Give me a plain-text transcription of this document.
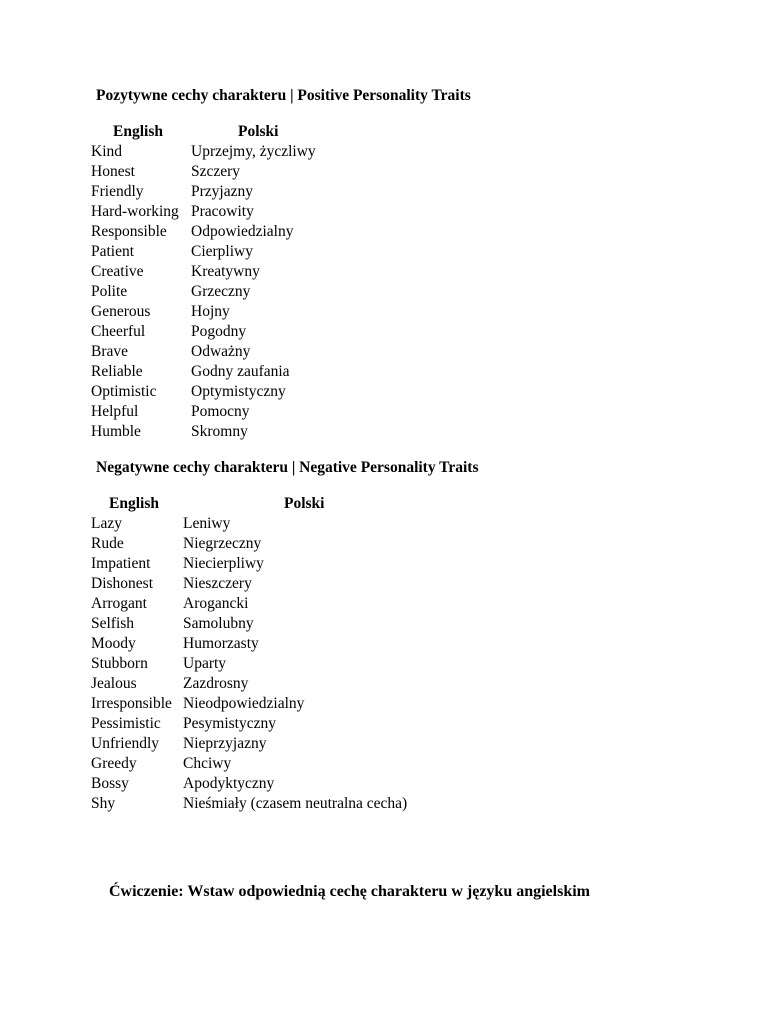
Pozytywne cechy charakteru | Positive Personality Traits
English	Polski
Kind	Uprzejmy, życzliwy
Honest	Szczery
Friendly	Przyjazny
Hard-working Pracowity
Responsible Odpowiedzialny
Patient	Cierpliwy
Creative	Kreatywny
Polite	Grzeczny
Generous	Hojny
Cheerful	Pogodny
Brave	Odważny
Reliable	Godny zaufania
Optimistic Optymistyczny
Helpful	Pomocny
Humble	Skromny
Negatywne cechy charakteru | Negative Personality Traits
English	Polski
Lazy	Leniwy
Rude	Niegrzeczny
Impatient Niecierpliwy
Dishonest Nieszczery
Arrogant Arogancki
Selfish	Samolubny
Moody	Humorzasty
Stubborn Uparty
Jealous	Zazdrosny
Irresponsible Nieodpowiedzialny
Pessimistic Pesymistyczny
Unfriendly Nieprzyjazny
Greedy	Chciwy
Bossy	Apodyktyczny
Shy	Nieśmiały (czasem neutralna cecha)
Ćwiczenie: Wstaw odpowiednią cechę charakteru w języku angielskim
